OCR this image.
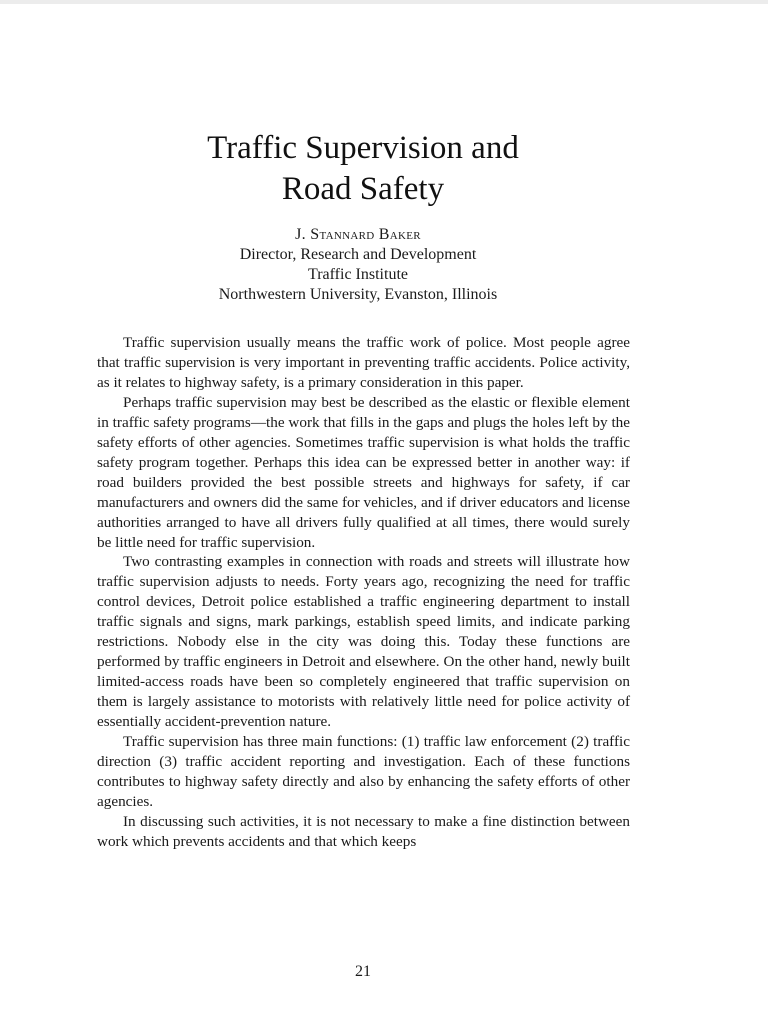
Traffic Supervision and
Road Safety
J. Stannard Baker
Director, Research and Development
Traffic Institute
Northwestern University, Evanston, Illinois

Traffic supervision usually means the traffic work of police. Most people agree that traffic supervision is very important in preventing traffic accidents. Police activity, as it relates to highway safety, is a primary consideration in this paper.

Perhaps traffic supervision may best be described as the elastic or flexible element in traffic safety programs—the work that fills in the gaps and plugs the holes left by the safety efforts of other agencies. Sometimes traffic supervision is what holds the traffic safety program together. Perhaps this idea can be expressed better in another way: if road builders provided the best possible streets and highways for safety, if car manufacturers and owners did the same for vehicles, and if driver educators and license authorities arranged to have all drivers fully qualified at all times, there would surely be little need for traffic supervision.

Two contrasting examples in connection with roads and streets will illustrate how traffic supervision adjusts to needs. Forty years ago, recognizing the need for traffic control devices, Detroit police established a traffic engineering department to install traffic signals and signs, mark parkings, establish speed limits, and indicate parking restrictions. Nobody else in the city was doing this. Today these functions are performed by traffic engineers in Detroit and elsewhere. On the other hand, newly built limited-access roads have been so completely engineered that traffic supervision on them is largely assistance to motorists with relatively little need for police activity of essentially accident-prevention nature.

Traffic supervision has three main functions: (1) traffic law enforcement (2) traffic direction (3) traffic accident reporting and investigation. Each of these functions contributes to highway safety directly and also by enhancing the safety efforts of other agencies.

In discussing such activities, it is not necessary to make a fine distinction between work which prevents accidents and that which keeps

21
